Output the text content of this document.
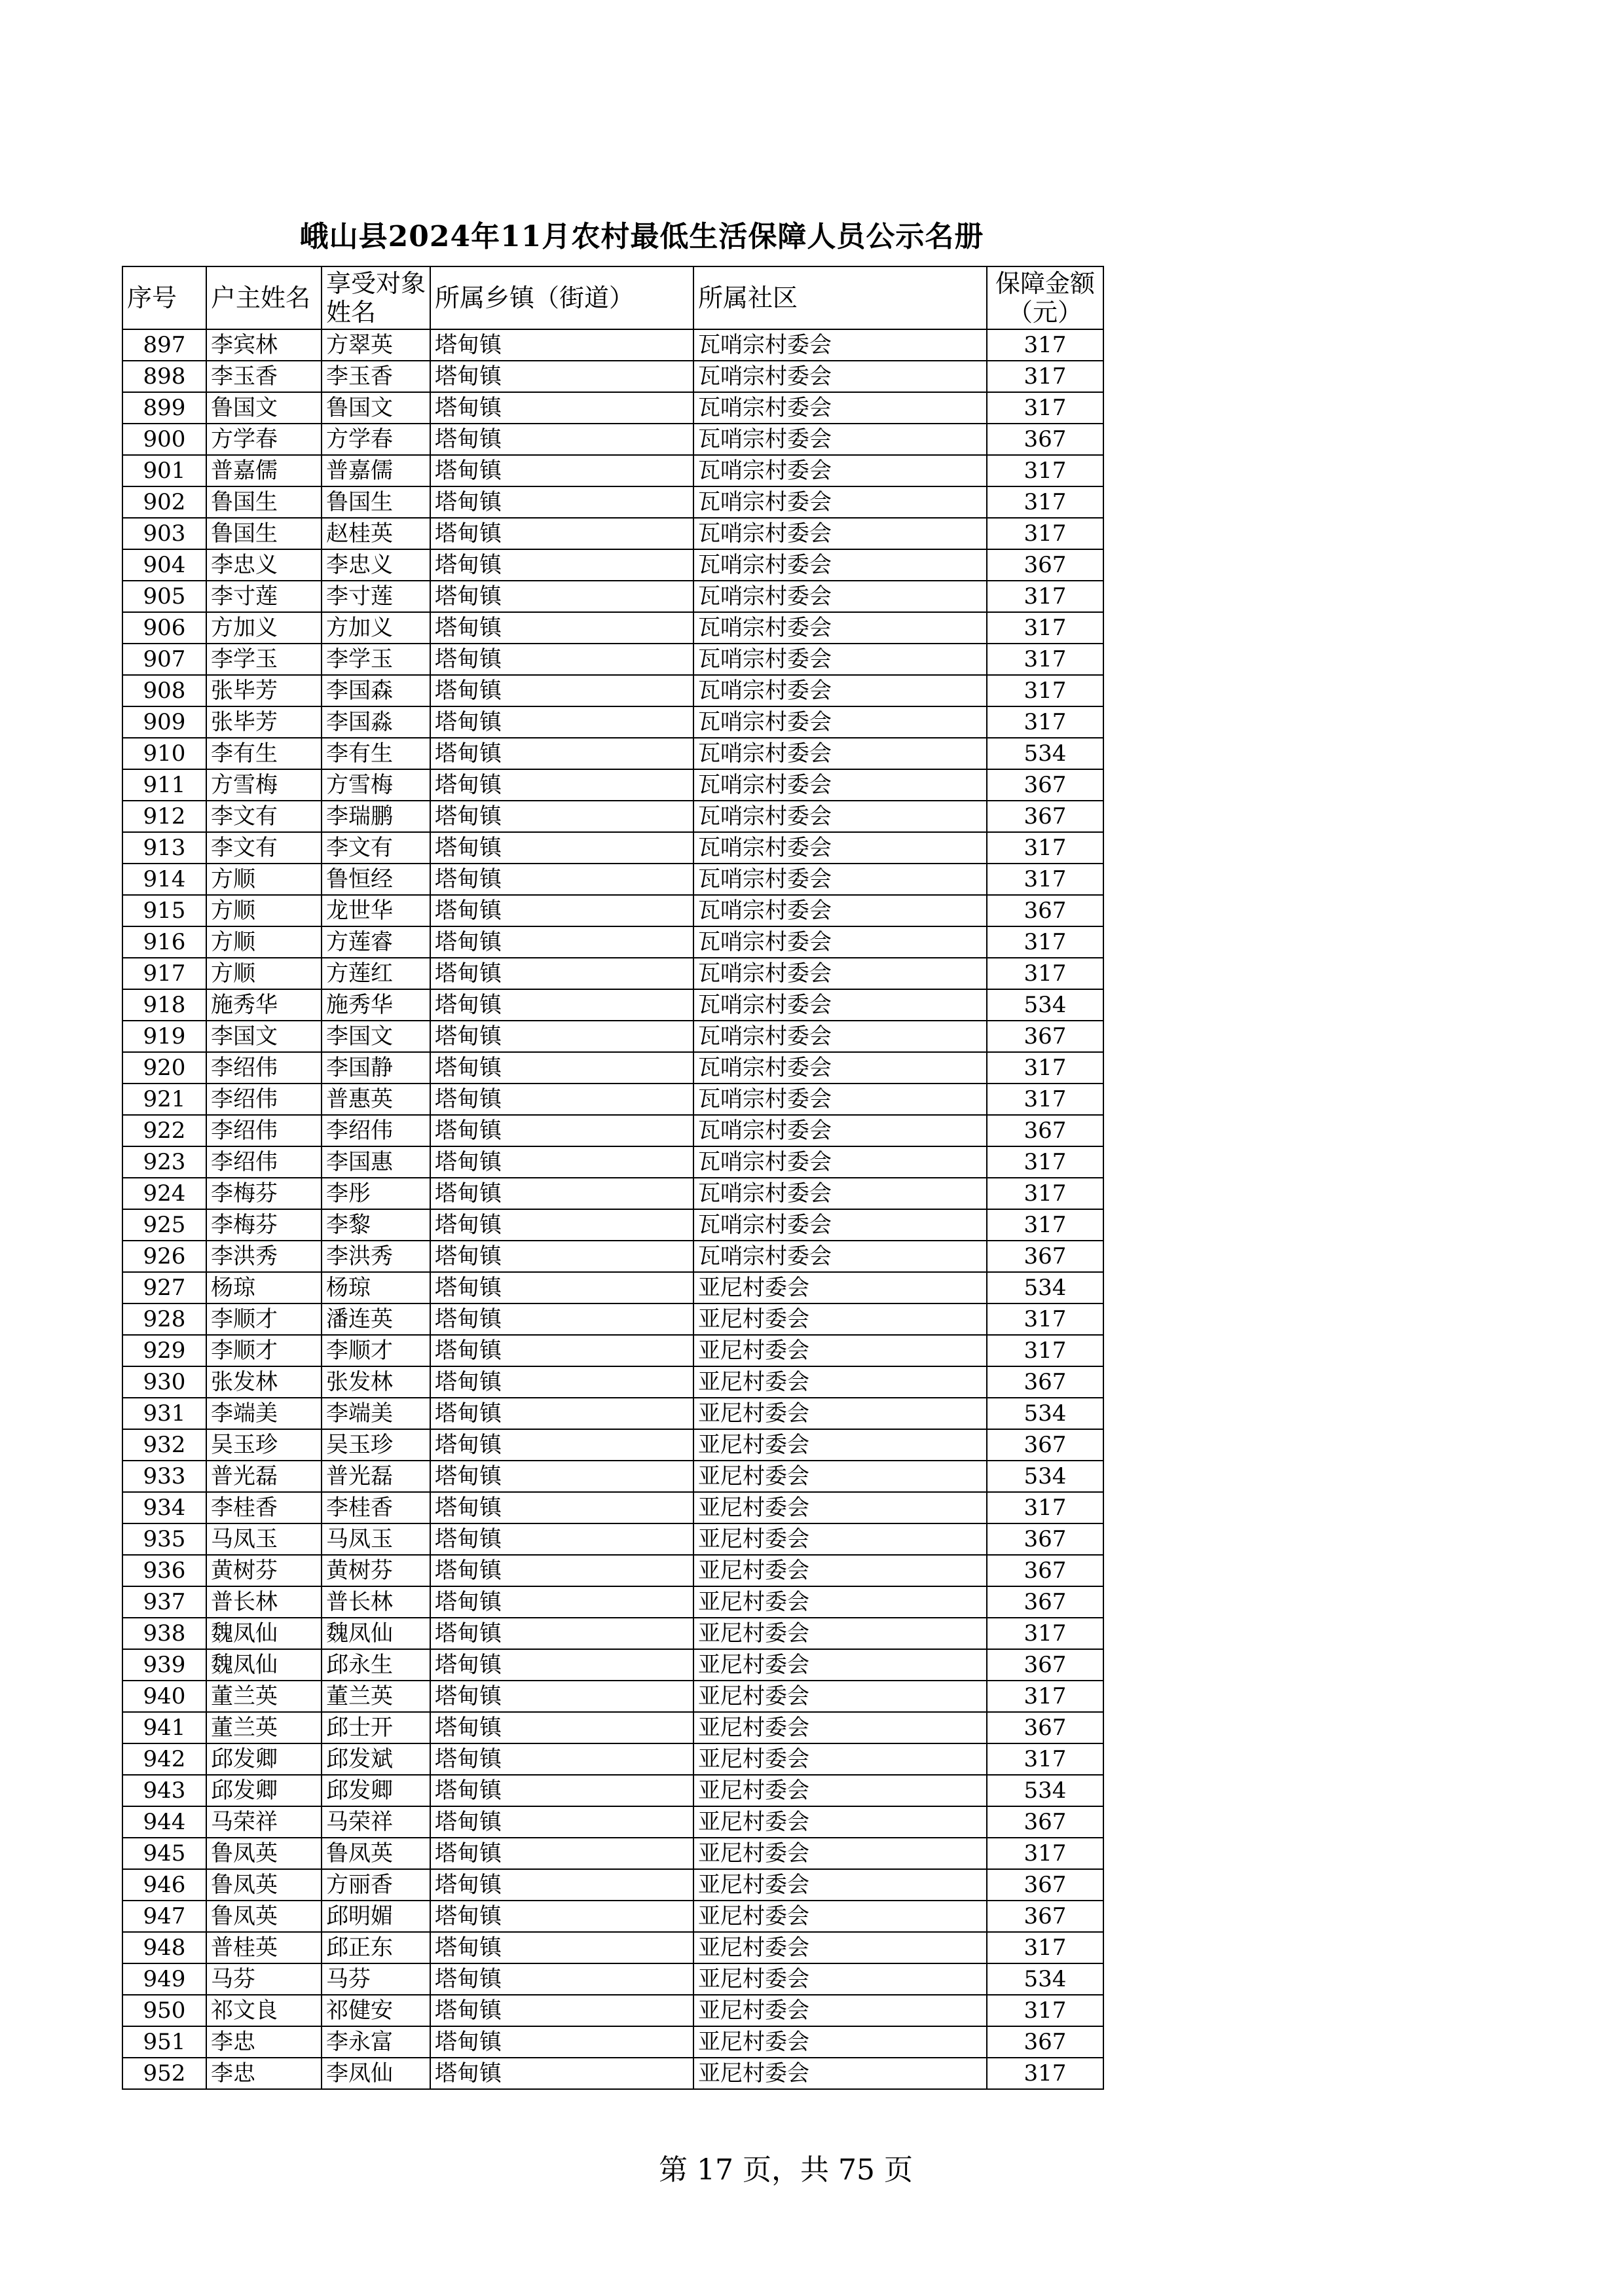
峨山县2024年11月农村最低生活保障人员公示名册
序号	户主姓名	享受对象姓名	所属乡镇（街道）	所属社区	保障金额（元）
897	李宾林	方翠英	塔甸镇	瓦哨宗村委会	317
898	李玉香	李玉香	塔甸镇	瓦哨宗村委会	317
899	鲁国文	鲁国文	塔甸镇	瓦哨宗村委会	317
900	方学春	方学春	塔甸镇	瓦哨宗村委会	367
901	普嘉儒	普嘉儒	塔甸镇	瓦哨宗村委会	317
902	鲁国生	鲁国生	塔甸镇	瓦哨宗村委会	317
903	鲁国生	赵桂英	塔甸镇	瓦哨宗村委会	317
904	李忠义	李忠义	塔甸镇	瓦哨宗村委会	367
905	李寸莲	李寸莲	塔甸镇	瓦哨宗村委会	317
906	方加义	方加义	塔甸镇	瓦哨宗村委会	317
907	李学玉	李学玉	塔甸镇	瓦哨宗村委会	317
908	张毕芳	李国森	塔甸镇	瓦哨宗村委会	317
909	张毕芳	李国淼	塔甸镇	瓦哨宗村委会	317
910	李有生	李有生	塔甸镇	瓦哨宗村委会	534
911	方雪梅	方雪梅	塔甸镇	瓦哨宗村委会	367
912	李文有	李瑞鹏	塔甸镇	瓦哨宗村委会	367
913	李文有	李文有	塔甸镇	瓦哨宗村委会	317
914	方顺	鲁恒经	塔甸镇	瓦哨宗村委会	317
915	方顺	龙世华	塔甸镇	瓦哨宗村委会	367
916	方顺	方莲睿	塔甸镇	瓦哨宗村委会	317
917	方顺	方莲红	塔甸镇	瓦哨宗村委会	317
918	施秀华	施秀华	塔甸镇	瓦哨宗村委会	534
919	李国文	李国文	塔甸镇	瓦哨宗村委会	367
920	李绍伟	李国静	塔甸镇	瓦哨宗村委会	317
921	李绍伟	普惠英	塔甸镇	瓦哨宗村委会	317
922	李绍伟	李绍伟	塔甸镇	瓦哨宗村委会	367
923	李绍伟	李国惠	塔甸镇	瓦哨宗村委会	317
924	李梅芬	李彤	塔甸镇	瓦哨宗村委会	317
925	李梅芬	李黎	塔甸镇	瓦哨宗村委会	317
926	李洪秀	李洪秀	塔甸镇	瓦哨宗村委会	367
927	杨琼	杨琼	塔甸镇	亚尼村委会	534
928	李顺才	潘连英	塔甸镇	亚尼村委会	317
929	李顺才	李顺才	塔甸镇	亚尼村委会	317
930	张发林	张发林	塔甸镇	亚尼村委会	367
931	李端美	李端美	塔甸镇	亚尼村委会	534
932	吴玉珍	吴玉珍	塔甸镇	亚尼村委会	367
933	普光磊	普光磊	塔甸镇	亚尼村委会	534
934	李桂香	李桂香	塔甸镇	亚尼村委会	317
935	马凤玉	马凤玉	塔甸镇	亚尼村委会	367
936	黄树芬	黄树芬	塔甸镇	亚尼村委会	367
937	普长林	普长林	塔甸镇	亚尼村委会	367
938	魏凤仙	魏凤仙	塔甸镇	亚尼村委会	317
939	魏凤仙	邱永生	塔甸镇	亚尼村委会	367
940	董兰英	董兰英	塔甸镇	亚尼村委会	317
941	董兰英	邱士开	塔甸镇	亚尼村委会	367
942	邱发卿	邱发斌	塔甸镇	亚尼村委会	317
943	邱发卿	邱发卿	塔甸镇	亚尼村委会	534
944	马荣祥	马荣祥	塔甸镇	亚尼村委会	367
945	鲁凤英	鲁凤英	塔甸镇	亚尼村委会	317
946	鲁凤英	方丽香	塔甸镇	亚尼村委会	367
947	鲁凤英	邱明媚	塔甸镇	亚尼村委会	367
948	普桂英	邱正东	塔甸镇	亚尼村委会	317
949	马芬	马芬	塔甸镇	亚尼村委会	534
950	祁文良	祁健安	塔甸镇	亚尼村委会	317
951	李忠	李永富	塔甸镇	亚尼村委会	367
952	李忠	李凤仙	塔甸镇	亚尼村委会	317
第 17 页，共 75 页
